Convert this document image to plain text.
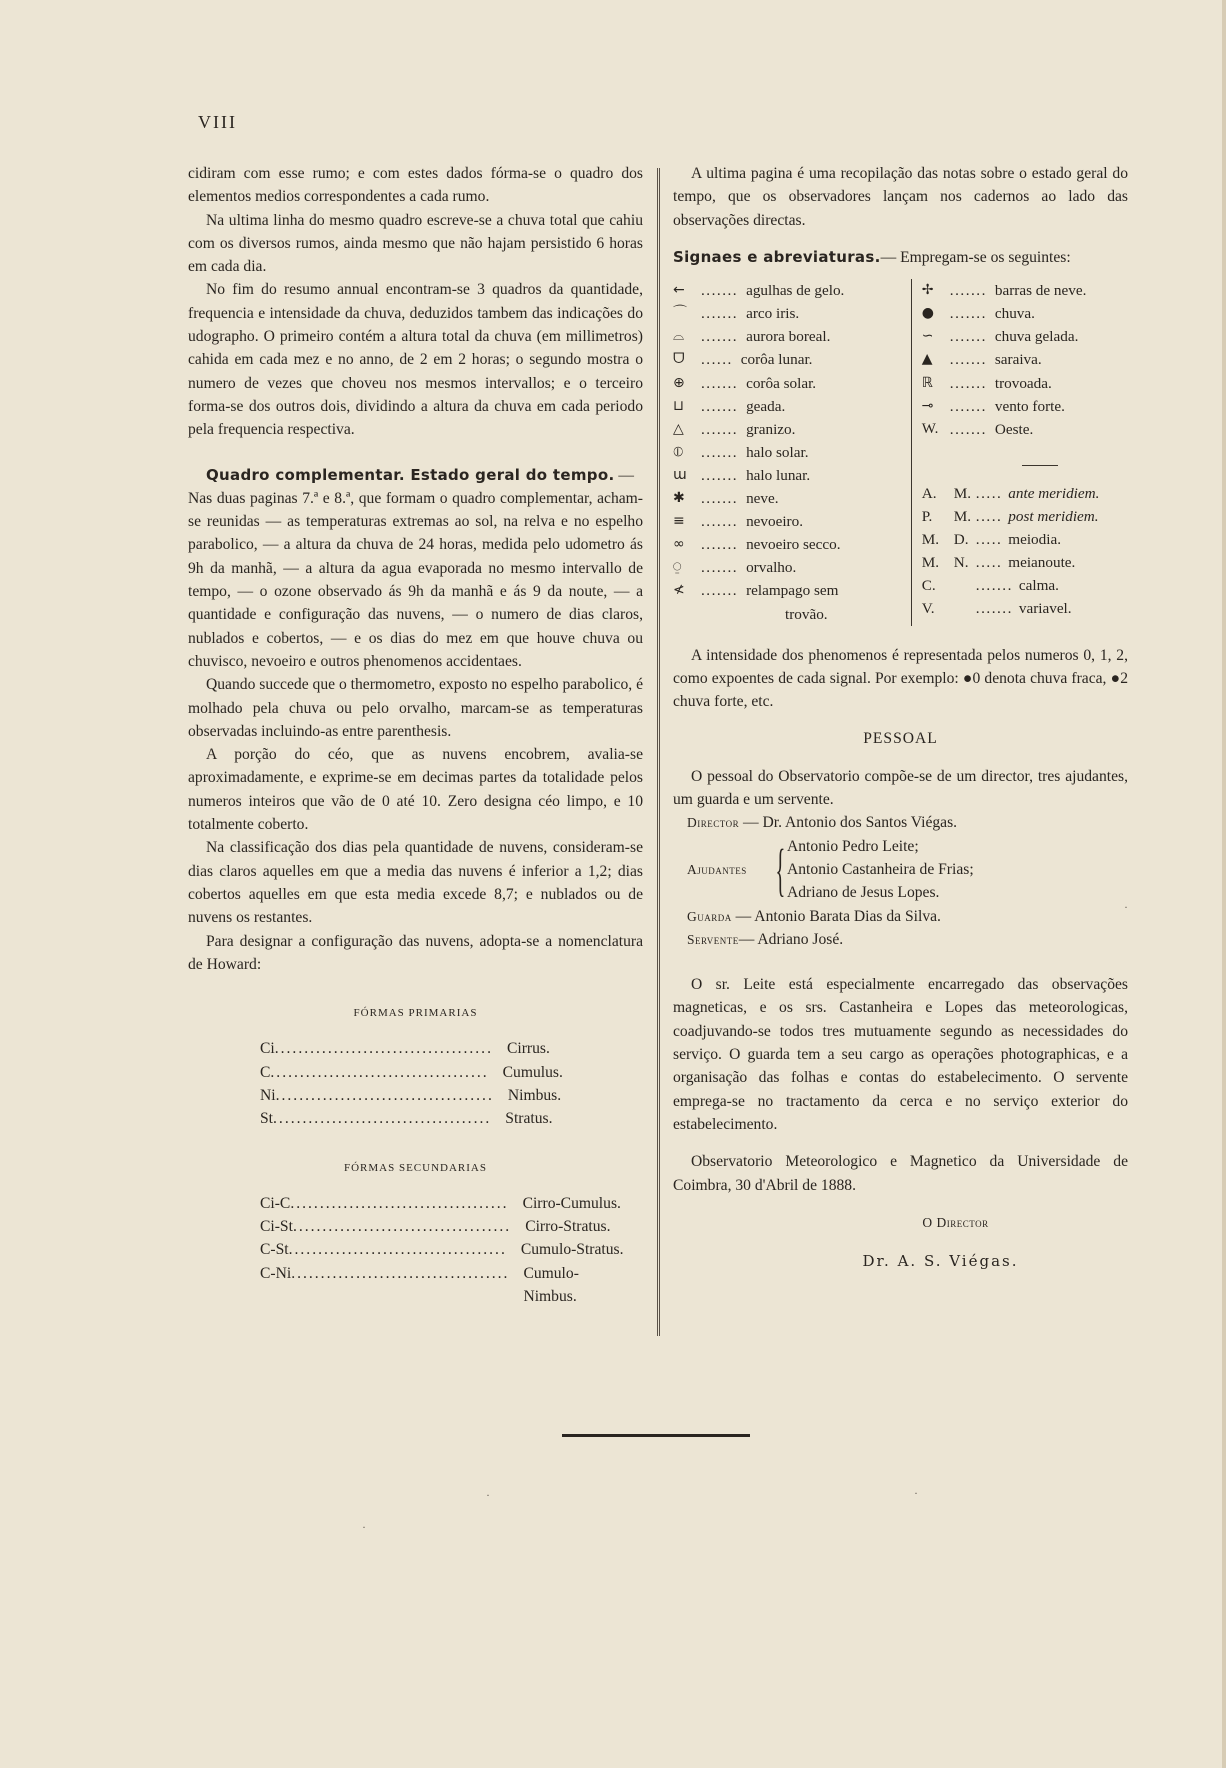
VIII

cidiram com esse rumo; e com estes dados fórma-se o quadro dos elementos medios correspondentes a cada rumo.

Na ultima linha do mesmo quadro escreve-se a chuva total que cahiu com os diversos rumos, ainda mesmo que não hajam persistido 6 horas em cada dia.

No fim do resumo annual encontram-se 3 quadros da quantidade, frequencia e intensidade da chuva, deduzidos tambem das indicações do udographo. O primeiro contém a altura total da chuva (em millimetros) cahida em cada mez e no anno, de 2 em 2 horas; o segundo mostra o numero de vezes que choveu nos mesmos intervallos; e o terceiro forma-se dos outros dois, dividindo a altura da chuva em cada periodo pela frequencia respectiva.

Quadro complementar. Estado geral do tempo. —

Nas duas paginas 7.ª e 8.ª, que formam o quadro complementar, acham-se reunidas — as temperaturas extremas ao sol, na relva e no espelho parabolico, — a altura da chuva de 24 horas, medida pelo udometro ás 9h da manhã, — a altura da agua evaporada no mesmo intervallo de tempo, — o ozone observado ás 9h da manhã e ás 9 da noute, — a quantidade e configuração das nuvens, — o numero de dias claros, nublados e cobertos, — e os dias do mez em que houve chuva ou chuvisco, nevoeiro e outros phenomenos accidentaes.

Quando succede que o thermometro, exposto no espelho parabolico, é molhado pela chuva ou pelo orvalho, marcam-se as temperaturas observadas incluindo-as entre parenthesis.

A porção do céo, que as nuvens encobrem, avalia-se aproximadamente, e exprime-se em decimas partes da totalidade pelos numeros inteiros que vão de 0 até 10. Zero designa céo limpo, e 10 totalmente coberto.

Na classificação dos dias pela quantidade de nuvens, consideram-se dias claros aquelles em que a media das nuvens é inferior a 1,2; dias cobertos aquelles em que esta media excede 8,7; e nublados ou de nuvens os restantes.

Para designar a configuração das nuvens, adopta-se a nomenclatura de Howard:

FÓRMAS PRIMARIAS
Ci ..................................... Cirrus.
C ..................................... Cumulus.
Ni ..................................... Nimbus.
St ..................................... Stratus.
FÓRMAS SECUNDARIAS
Ci-C ..................................... Cirro-Cumulus.
Ci-St ..................................... Cirro-Stratus.
C-St ..................................... Cumulo-Stratus.
C-Ni ..................................... Cumulo-Nimbus.

A ultima pagina é uma recopilação das notas sobre o estado geral do tempo, que os observadores lançam nos cadernos ao lado das observações directas.

Signaes e abreviaturas.— Empregam-se os seguintes:

←	....... agulhas de gelo.
⌒ ....... arco iris.
⌓	....... aurora boreal.
ᗜ	...... corôa lunar.
⊕	....... corôa solar.
⊔	....... geada.
△	....... granizo.
⦶	....... halo solar.
ɯ ....... halo lunar.
✱	....... neve.
≡	....... nevoeiro.
∞	....... nevoeiro secco.
⍜	....... orvalho.
≮	....... relampago sem
trovão.
✢	....... barras de neve.
●	....... chuva.
∽	....... chuva gelada.
▲	....... saraiva.
ℝ	....... trovoada.
⊸	....... vento forte.
W. ....... Oeste.
A.	M. ..... ante meridiem.
P.	M. ..... post meridiem.
M. D. ..... meiodia.
M. N. ..... meianoute.
C.	....... calma.
V.	....... variavel.

A intensidade dos phenomenos é representada pelos numeros 0, 1, 2, como expoentes de cada signal. Por exemplo: ●0 denota chuva fraca, ●2 chuva forte, etc.

PESSOAL

O pessoal do Observatorio compõe-se de um director, tres ajudantes, um guarda e um servente.

Director — Dr. Antonio dos Santos Viégas.
Ajudantes { Antonio Pedro Leite;
Antonio Castanheira de Frias;
Adriano de Jesus Lopes.
Guarda — Antonio Barata Dias da Silva.
Servente— Adriano José.

O sr. Leite está especialmente encarregado das observações magneticas, e os srs. Castanheira e Lopes das meteorologicas, coadjuvando-se todos tres mutuamente segundo as necessidades do serviço. O guarda tem a seu cargo as operações photographicas, e a organisação das folhas e contas do estabelecimento. O servente emprega-se no tractamento da cerca e no serviço exterior do estabelecimento.

Observatorio Meteorologico e Magnetico da Universidade de Coimbra, 30 d'Abril de 1888.

O Director
Dr. A. S. Viégas.
·	·
·
·
